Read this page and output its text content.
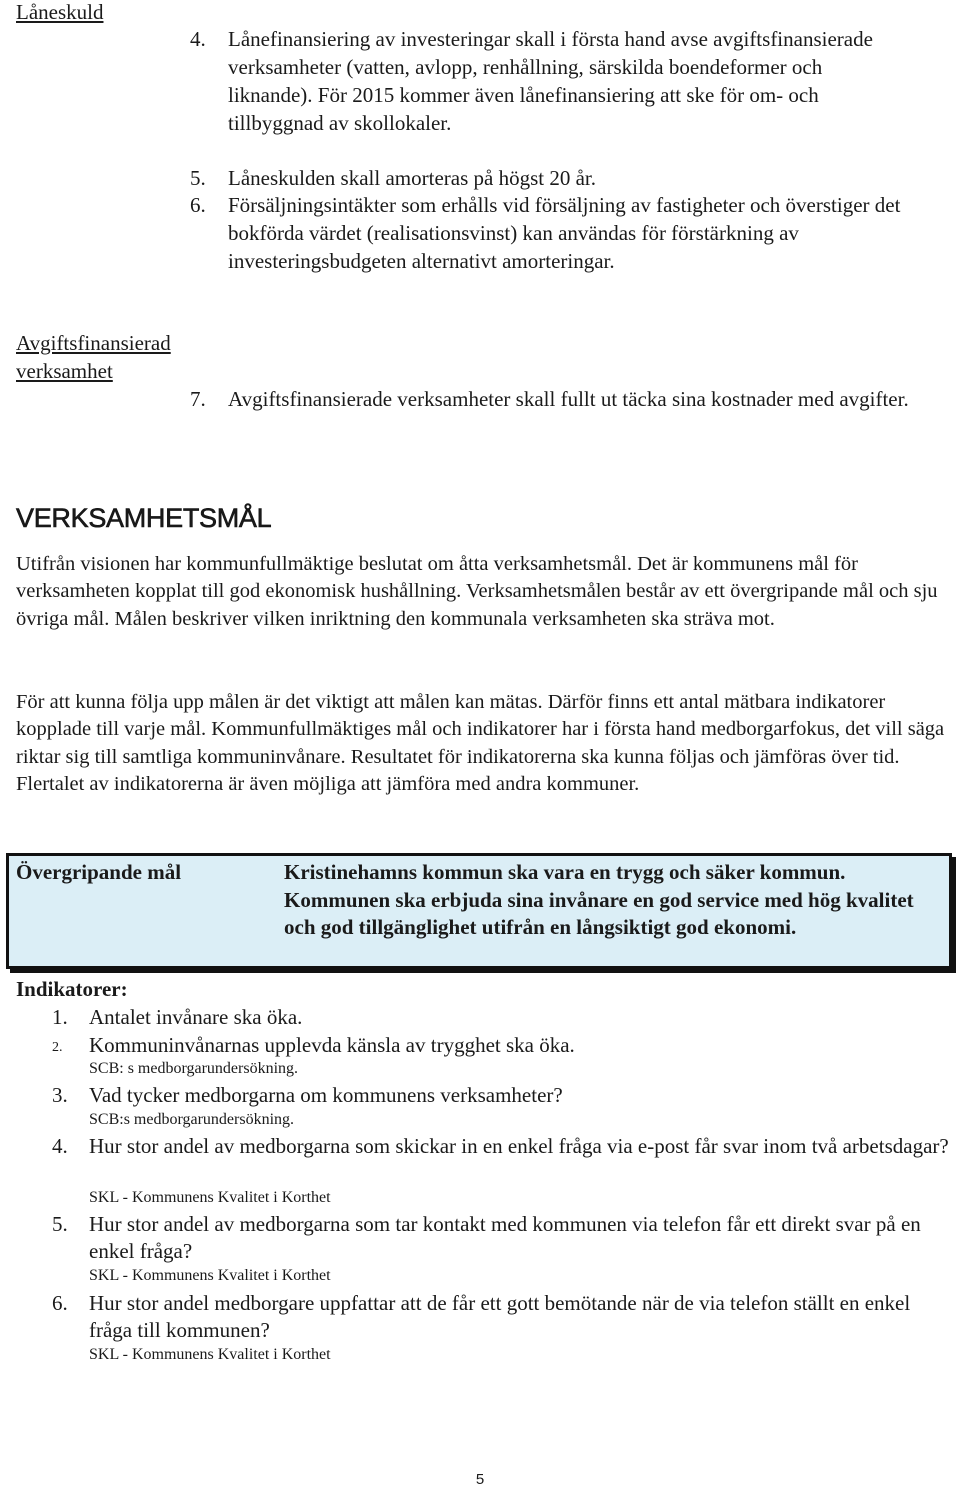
Låneskuld
Avgiftsfinansierad
verksamhet
4. Lånefinansiering av investeringar skall i första hand avse avgiftsfinansierade verksamheter (vatten, avlopp, renhållning, särskilda boendeformer och liknande). För 2015 kommer även lånefinansiering att ske för om- och tillbyggnad av skollokaler.
5. Låneskulden skall amorteras på högst 20 år.
6. Försäljningsintäkter som erhålls vid försäljning av fastigheter och överstiger det bokförda värdet (realisationsvinst) kan användas för förstärkning av investeringsbudgeten alternativt amorteringar.
7. Avgiftsfinansierade verksamheter skall fullt ut täcka sina kostnader med avgifter.
VERKSAMHETSMÅL

Utifrån visionen har kommunfullmäktige beslutat om åtta verksamhetsmål. Det är kommunens mål för verksamheten kopplat till god ekonomisk hushållning. Verksamhetsmålen består av ett övergripande mål och sju övriga mål. Målen beskriver vilken inriktning den kommunala verksamheten ska sträva mot.

För att kunna följa upp målen är det viktigt att målen kan mätas. Därför finns ett antal mätbara indikatorer kopplade till varje mål. Kommunfullmäktiges mål och indikatorer har i första hand medborgarfokus, det vill säga riktar sig till samtliga kommuninvånare. Resultatet för indikatorerna ska kunna följas och jämföras över tid. Flertalet av indikatorerna är även möjliga att jämföra med andra kommuner.

Övergripande mål	Kristinehamns kommun ska vara en trygg och säker kommun. Kommunen ska erbjuda sina invånare en god service med hög kvalitet och god tillgänglighet utifrån en långsiktigt god ekonomi.
Indikatorer:
1.	Antalet invånare ska öka.
2.	Kommuninvånarnas upplevda känsla av trygghet ska öka.
SCB: s medborgarundersökning.
3.	Vad tycker medborgarna om kommunens verksamheter?
SCB:s medborgarundersökning.
4.	Hur stor andel av medborgarna som skickar in en enkel fråga via e-post får svar inom två arbetsdagar?
SKL - Kommunens Kvalitet i Korthet
5.	Hur stor andel av medborgarna som tar kontakt med kommunen via telefon får ett direkt svar på en enkel fråga?
SKL - Kommunens Kvalitet i Korthet
6.	Hur stor andel medborgare uppfattar att de får ett gott bemötande när de via telefon ställt en enkel fråga till kommunen?
SKL - Kommunens Kvalitet i Korthet
5
